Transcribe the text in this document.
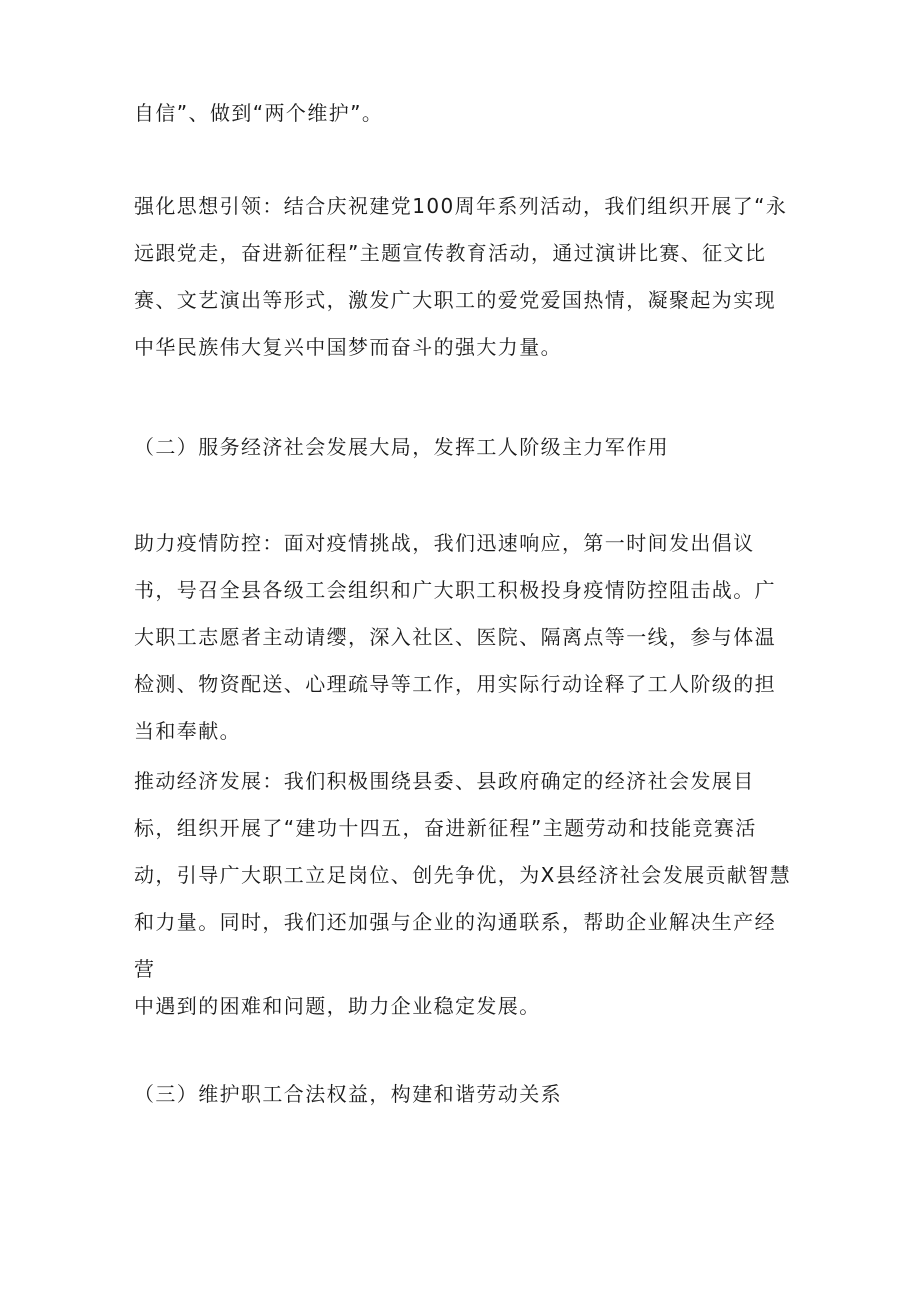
自信”、做到“两个维护”。

强化思想引领：结合庆祝建党100周年系列活动，我们组织开展了“永远跟党走，奋进新征程”主题宣传教育活动，通过演讲比赛、征文比赛、文艺演出等形式，激发广大职工的爱党爱国热情，凝聚起为实现中华民族伟大复兴中国梦而奋斗的强大力量。

（二）服务经济社会发展大局，发挥工人阶级主力军作用

助力疫情防控：面对疫情挑战，我们迅速响应，第一时间发出倡议书，号召全县各级工会组织和广大职工积极投身疫情防控阻击战。广大职工志愿者主动请缨，深入社区、医院、隔离点等一线，参与体温检测、物资配送、心理疏导等工作，用实际行动诠释了工人阶级的担当和奉献。

推动经济发展：我们积极围绕县委、县政府确定的经济社会发展目标，组织开展了“建功十四五，奋进新征程”主题劳动和技能竞赛活动，引导广大职工立足岗位、创先争优，为X县经济社会发展贡献智慧和力量。同时，我们还加强与企业的沟通联系，帮助企业解决生产经营

中遇到的困难和问题，助力企业稳定发展。

（三）维护职工合法权益，构建和谐劳动关系
